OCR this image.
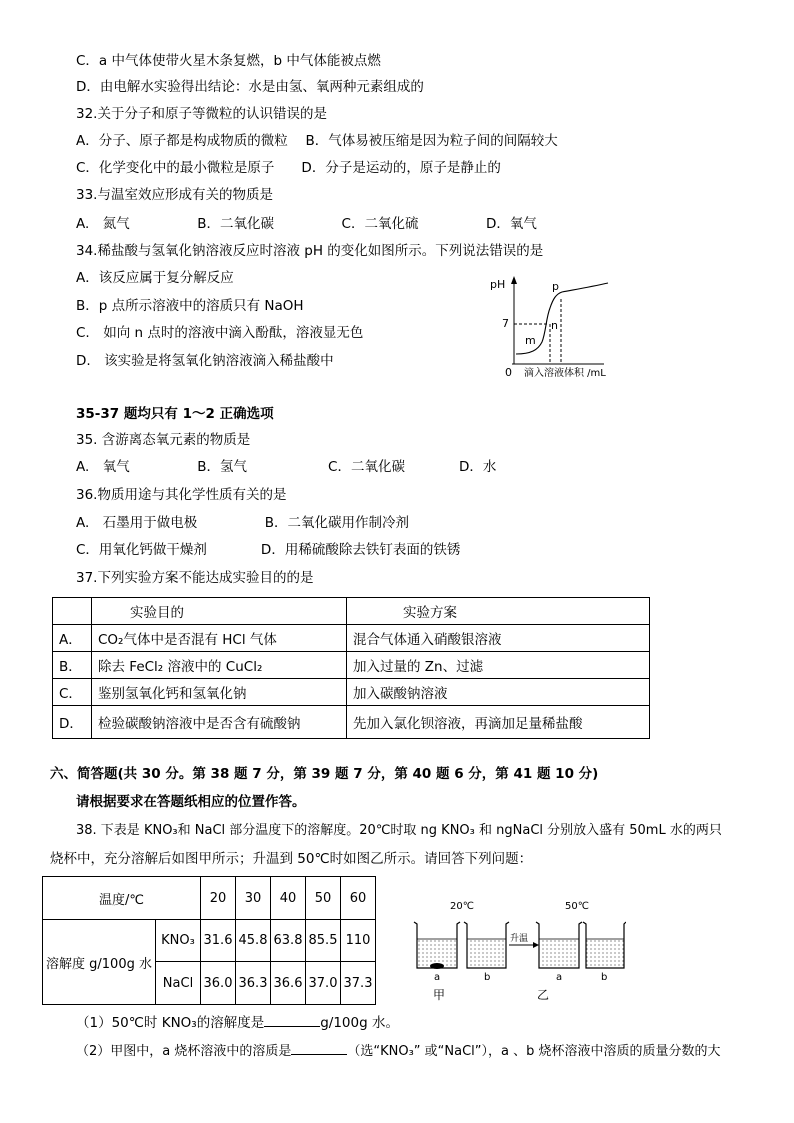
C．a 中气体使带火星木条复燃，b 中气体能被点燃
D．由电解水实验得出结论：水是由氢、氧两种元素组成的
32.关于分子和原子等微粒的认识错误的是
A．分子、原子都是构成物质的微粒　 B．气体易被压缩是因为粒子间的间隔较大
C．化学变化中的最小微粒是原子　　D．分子是运动的，原子是静止的
33.与温室效应形成有关的物质是
A.　氮气　　　　　B．二氧化碳　　　　　C．二氧化硫　　　　　D．氧气
34.稀盐酸与氢氧化钠溶液反应时溶液 pH 的变化如图所示。下列说法错误的是
A．该反应属于复分解反应
B．p 点所示溶液中的溶质只有 NaOH
C.　如向 n 点时的溶液中滴入酚酞，溶液显无色
D.　该实验是将氢氧化钠溶液滴入稀盐酸中
pH
7
0
p
n
m
滴入溶液体积 /mL
35-37 题均只有 1～2 正确选项
35. 含游离态氧元素的物质是
A.　氧气　　　　　B．氢气　　　　　　C．二氧化碳　　　　D．水
36.物质用途与其化学性质有关的是
A.　石墨用于做电极　　　　　B．二氧化碳用作制冷剂
C．用氧化钙做干燥剂　　　　D．用稀硫酸除去铁钉表面的铁锈
37.下列实验方案不能达成实验目的的是
	实验目的	实验方案
A．	CO₂气体中是否混有 HCl 气体	混合气体通入硝酸银溶液
B．	除去 FeCl₂ 溶液中的 CuCl₂	加入过量的 Zn、过滤
C．	鉴别氢氧化钙和氢氧化钠	加入碳酸钠溶液
D．	检验碳酸钠溶液中是否含有硫酸钠	先加入氯化钡溶液，再滴加足量稀盐酸
六、简答题(共 30 分。第 38 题 7 分，第 39 题 7 分，第 40 题 6 分，第 41 题 10 分)
请根据要求在答题纸相应的位置作答。
38. 下表是 KNO₃和 NaCl 部分温度下的溶解度。20℃时取 ng KNO₃ 和 ngNaCl 分别放入盛有 50mL 水的两只
烧杯中，充分溶解后如图甲所示；升温到 50℃时如图乙所示。请回答下列问题：
温度/℃		20	30	40	50	60
溶解度 g/100g 水	KNO₃	31.6	45.8	63.8	85.5	110
	NaCl	36.0	36.3	36.6	37.0	37.3
20℃	50℃
升温
a	b	a	b
甲	乙
（1）50℃时 KNO₃的溶解度是	g/100g 水。
（2）甲图中，a 烧杯溶液中的溶质是	（选“KNO₃” 或“NaCl”），a 、b 烧杯溶液中溶质的质量分数的大
